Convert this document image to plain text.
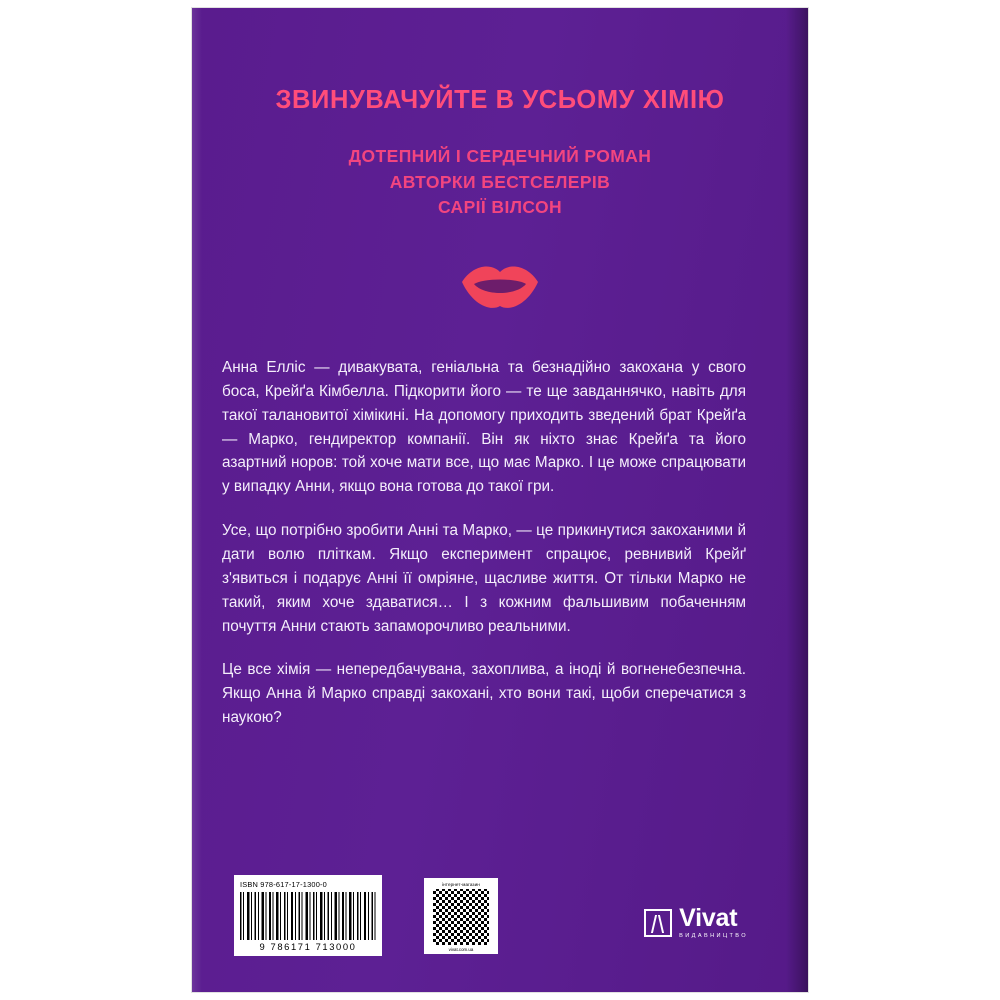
ЗВИНУВАЧУЙТЕ В УСЬОМУ ХІМІЮ
ДОТЕПНИЙ І СЕРДЕЧНИЙ РОМАН
АВТОРКИ БЕСТСЕЛЕРІВ
САРІЇ ВІЛСОН

Анна Елліс — дивакувата, геніальна та безнадійно закохана у свого боса, Крейґа Кімбелла. Підкорити його — те ще завданнячко, навіть для такої талановитої хімікині. На допомогу приходить зведений брат Крейґа — Марко, гендиректор компанії. Він як ніхто знає Крейґа та його азартний норов: той хоче мати все, що має Марко. І це може спрацювати у випадку Анни, якщо вона готова до такої гри.

Усе, що потрібно зробити Анні та Марко, — це прикинутися закоханими й дати волю пліткам. Якщо експеримент спрацює, ревнивий Крейґ з'явиться і подарує Анні її омріяне, щасливе життя. От тільки Марко не такий, яким хоче здаватися… І з кожним фальшивим побаченням почуття Анни стають запаморочливо реальними.

Це все хімія — непередбачувана, захоплива, а іноді й вогненебезпечна. Якщо Анна й Марко справді закохані, хто вони такі, щоби сперечатися з наукою?

ISBN 978-617-17-1300-0
9 786171 713000
інтернет-магазин
vivat.com.ua
Vivat
ВИДАВНИЦТВО
